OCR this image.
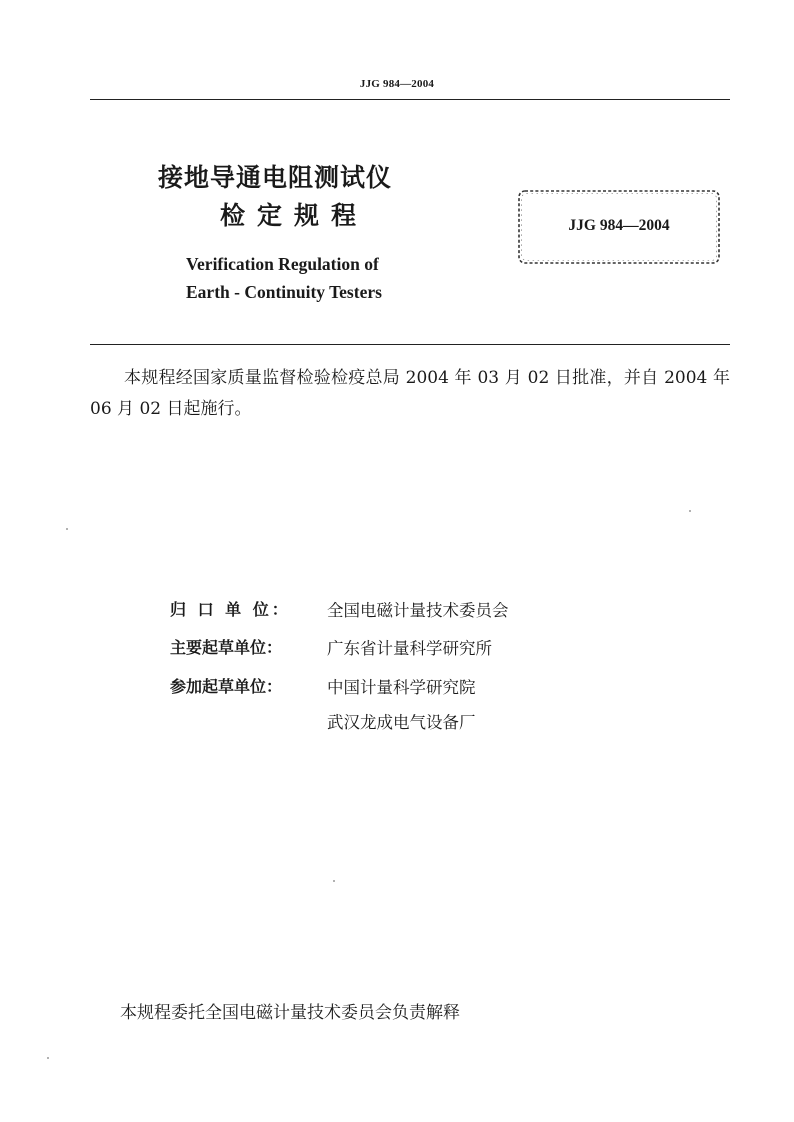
JJG 984—2004
接地导通电阻测试仪
检定规程
Verification Regulation of
Earth - Continuity Testers
JJG 984—2004
本规程经国家质量监督检验检疫总局 2004 年 03 月 02 日批准，并自 2004 年 06 月 02 日起施行。
归 口 单 位： 全国电磁计量技术委员会
主要起草单位：	广东省计量科学研究所
参加起草单位：	中国计量科学研究院
武汉龙成电气设备厂
本规程委托全国电磁计量技术委员会负责解释
